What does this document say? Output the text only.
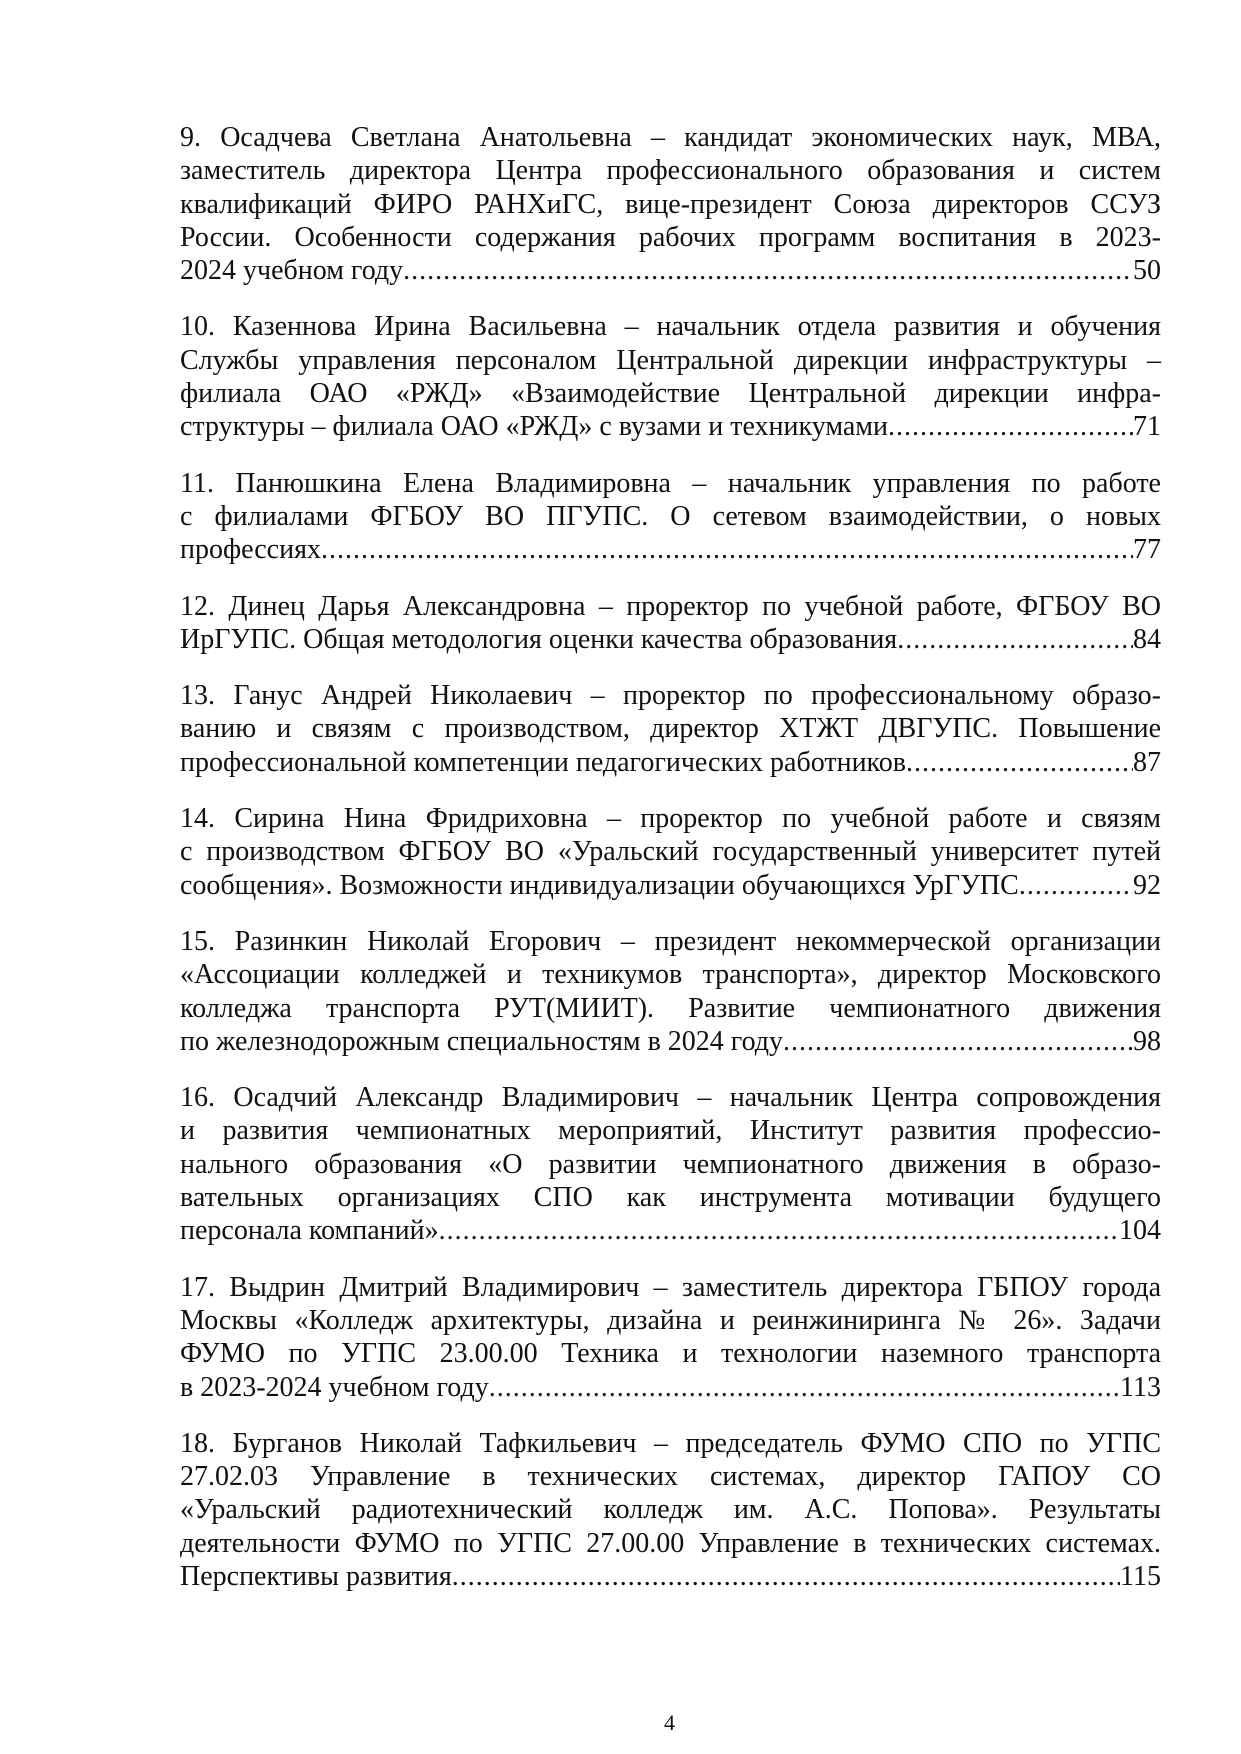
9. Осадчева Светлана Анатольевна – кандидат экономических наук, МВА,
заместитель директора Центра профессионального образования и систем
квалификаций ФИРО РАНХиГС, вице-президент Союза директоров ССУЗ
России. Особенности содержания рабочих программ воспитания в 2023-
2024 учебном году .....	50
10. Казеннова Ирина Васильевна – начальник отдела развития и обучения
Службы управления персоналом Центральной дирекции инфраструктуры –
филиала ОАО «РЖД» «Взаимодействие Центральной дирекции инфра-
структуры – филиала ОАО «РЖД» с вузами и техникумами .....	71
11. Панюшкина Елена Владимировна – начальник управления по работе
с филиалами ФГБОУ ВО ПГУПС. О сетевом взаимодействии, о новых
профессиях .....	77
12. Динец Дарья Александровна – проректор по учебной работе, ФГБОУ ВО
ИрГУПС. Общая методология оценки качества образования .....	84
13. Ганус Андрей Николаевич – проректор по профессиональному образо-
ванию и связям с производством, директор ХТЖТ ДВГУПС. Повышение
профессиональной компетенции педагогических работников .....	87
14. Сирина Нина Фридриховна – проректор по учебной работе и связям
с производством ФГБОУ ВО «Уральский государственный университет путей
сообщения». Возможности индивидуализации обучающихся УрГУПС .....	92
15. Разинкин Николай Егорович – президент некоммерческой организации
«Ассоциации колледжей и техникумов транспорта», директор Московского
колледжа транспорта РУТ(МИИТ). Развитие чемпионатного движения
по железнодорожным специальностям в 2024 году .....	98
16. Осадчий Александр Владимирович – начальник Центра сопровождения
и развития чемпионатных мероприятий, Институт развития профессио-
нального образования «О развитии чемпионатного движения в образо-
вательных организациях СПО как инструмента мотивации будущего
персонала компаний» .....	104
17. Выдрин Дмитрий Владимирович – заместитель директора ГБПОУ города
Москвы «Колледж архитектуры, дизайна и реинжиниринга № 26». Задачи
ФУМО по УГПС 23.00.00 Техника и технологии наземного транспорта
в 2023-2024 учебном году .....	113
18. Бурганов Николай Тафкильевич – председатель ФУМО СПО по УГПС
27.02.03 Управление в технических системах, директор ГАПОУ СО
«Уральский радиотехнический колледж им. А.С. Попова». Результаты
деятельности ФУМО по УГПС 27.00.00 Управление в технических системах.
Перспективы развития .....	115
4
